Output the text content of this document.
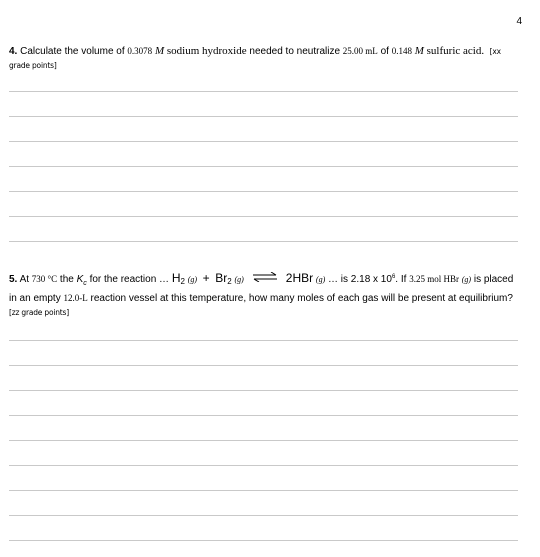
4
4. Calculate the volume of 0.3078 M sodium hydroxide needed to neutralize 25.00 mL of 0.148 M sulfuric acid. [xx grade points]
5. At 730 °C the $K_c$ for the reaction … $H_2$ $(g) + Br_2$ (g) ⇌ 2HBr (g) … is 2.18 x $10^6$. If 3.25 mol HBr (g) is placed in an empty 12.0-L reaction vessel at this temperature, how many moles of each gas will be present at equilibrium? [zz grade points]
